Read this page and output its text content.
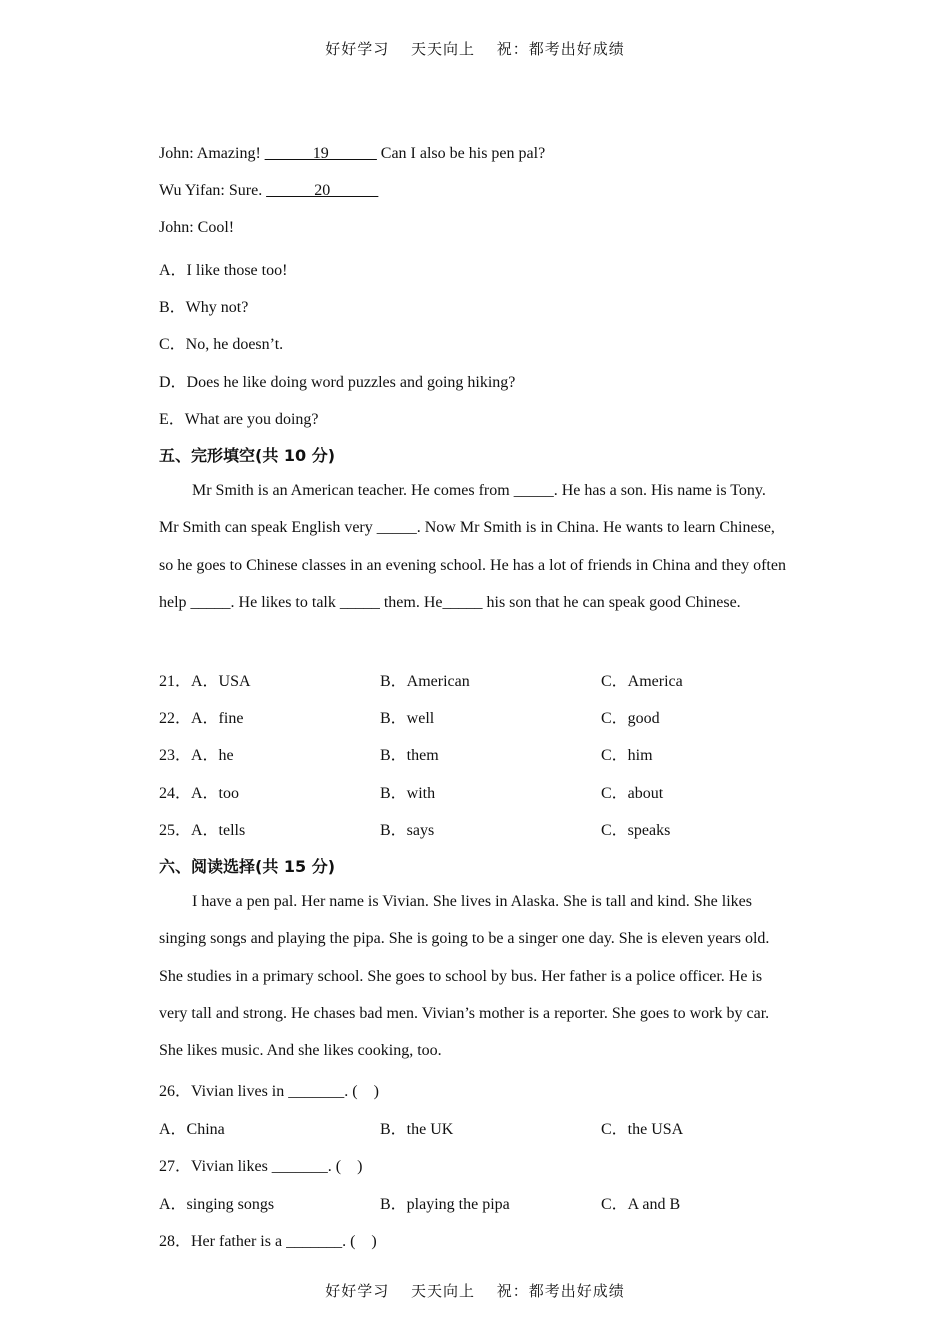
好好学习 天天向上 祝：都考出好成绩
John: Amazing! ______19______ Can I also be his pen pal?
Wu Yifan: Sure. ______20______
John: Cool!
A．I like those too!
B．Why not?
C．No, he doesn’t.
D．Does he like doing word puzzles and going hiking?
E．What are you doing?
五、完形填空(共 10 分)
Mr Smith is an American teacher. He comes from _____. He has a son. His name is Tony. Mr Smith can speak English very _____. Now Mr Smith is in China. He wants to learn Chinese, so he goes to Chinese classes in an evening school. He has a lot of friends in China and they often help _____. He likes to talk _____ them. He_____ his son that he can speak good Chinese.
21．A．USA	B．American	C．America
22．A．fine	B．well	C．good
23．A．he	B．them	C．him
24．A．too	B．with	C．about
25．A．tells	B．says	C．speaks
六、阅读选择(共 15 分)
I have a pen pal. Her name is Vivian. She lives in Alaska. She is tall and kind. She likes singing songs and playing the pipa. She is going to be a singer one day. She is eleven years old. She studies in a primary school. She goes to school by bus. Her father is a police officer. He is very tall and strong. He chases bad men. Vivian’s mother is a reporter. She goes to work by car. She likes music. And she likes cooking, too.
26．Vivian lives in _______. (　)
A．China	B．the UK	C．the USA
27．Vivian likes _______. (　)
A．singing songs	B．playing the pipa	C．A and B
28．Her father is a _______. (　)
好好学习 天天向上 祝：都考出好成绩
